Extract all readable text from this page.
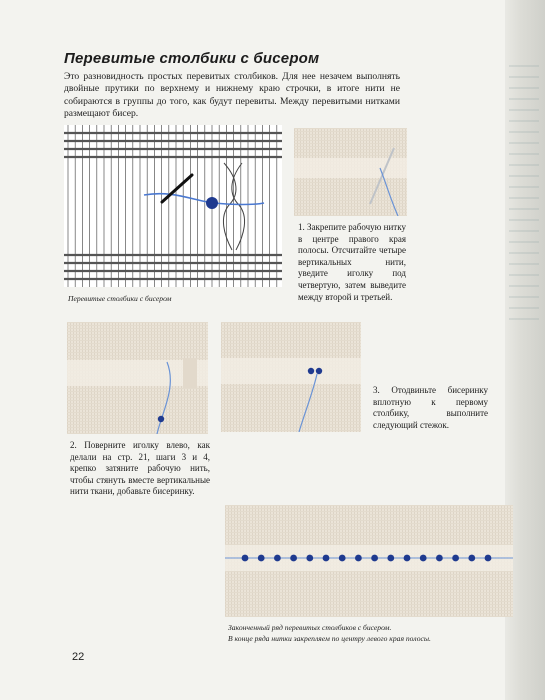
Перевитые столбики с бисером
Это разновидность простых перевитых столбиков. Для нее незачем выполнять двойные прутики по верхнему и нижнему краю строчки, в итоге нити не собираются в группы до того, как будут перевиты. Между перевитыми нитками размещают бисер.
Перевитые столбики с бисером
1. Закрепите рабочую нитку в центре правого края полосы. Отсчитайте четыре вертикальных нити, уведите иголку под четвертую, затем выведите между второй и третьей.
2. Поверните иголку влево, как делали на стр. 21, шаги 3 и 4, крепко затяните рабочую нить, чтобы стянуть вместе вертикальные нити ткани, добавьте бисеринку.
3. Отодвиньте бисеринку вплотную к первому столбику, выполните следующий стежок.
Законченный ряд перевитых столбиков с бисером.
В конце ряда нитки закрепляем по центру левого края полосы.
22
